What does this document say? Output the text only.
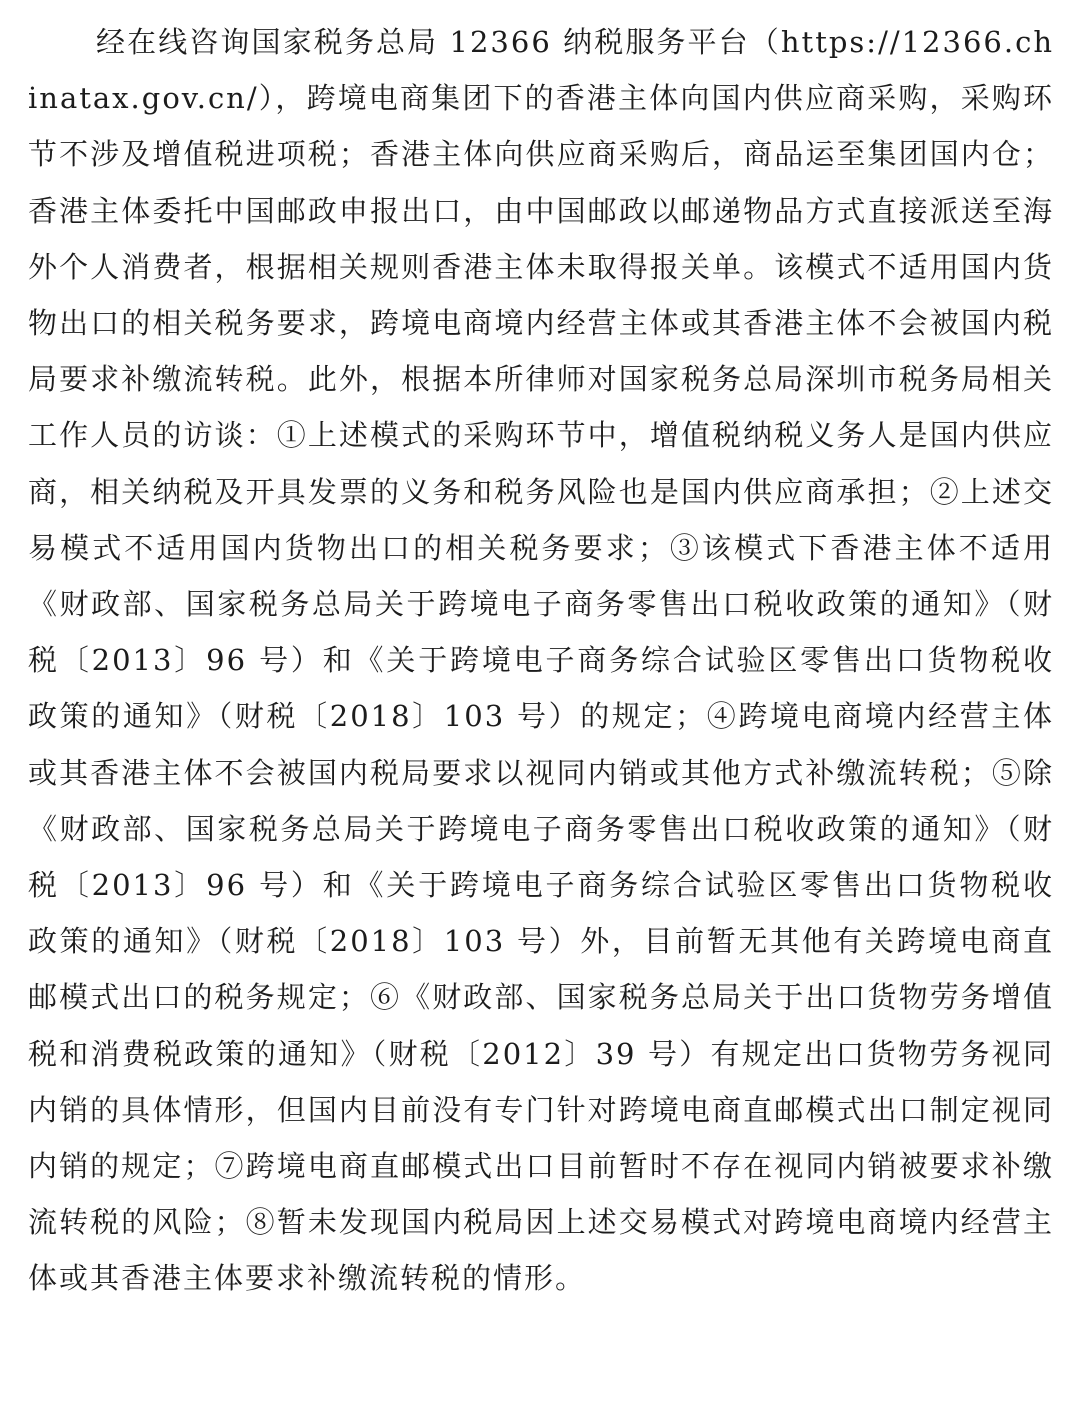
经在线咨询国家税务总局 12366 纳税服务平台（https://12366.chinatax.gov.cn/），跨境电商集团下的香港主体向国内供应商采购，采购环节不涉及增值税进项税；香港主体向供应商采购后，商品运至集团国内仓；香港主体委托中国邮政申报出口，由中国邮政以邮递物品方式直接派送至海外个人消费者，根据相关规则香港主体未取得报关单。该模式不适用国内货物出口的相关税务要求，跨境电商境内经营主体或其香港主体不会被国内税局要求补缴流转税。此外，根据本所律师对国家税务总局深圳市税务局相关工作人员的访谈：①上述模式的采购环节中，增值税纳税义务人是国内供应商，相关纳税及开具发票的义务和税务风险也是国内供应商承担；②上述交易模式不适用国内货物出口的相关税务要求；③该模式下香港主体不适用《财政部、国家税务总局关于跨境电子商务零售出口税收政策的通知》（财税〔2013〕96 号）和《关于跨境电子商务综合试验区零售出口货物税收政策的通知》（财税〔2018〕103 号）的规定；④跨境电商境内经营主体或其香港主体不会被国内税局要求以视同内销或其他方式补缴流转税；⑤除《财政部、国家税务总局关于跨境电子商务零售出口税收政策的通知》（财税〔2013〕96 号）和《关于跨境电子商务综合试验区零售出口货物税收政策的通知》（财税〔2018〕103 号）外，目前暂无其他有关跨境电商直邮模式出口的税务规定；⑥《财政部、国家税务总局关于出口货物劳务增值税和消费税政策的通知》（财税〔2012〕39 号）有规定出口货物劳务视同内销的具体情形，但国内目前没有专门针对跨境电商直邮模式出口制定视同内销的规定；⑦跨境电商直邮模式出口目前暂时不存在视同内销被要求补缴流转税的风险；⑧暂未发现国内税局因上述交易模式对跨境电商境内经营主体或其香港主体要求补缴流转税的情形。
